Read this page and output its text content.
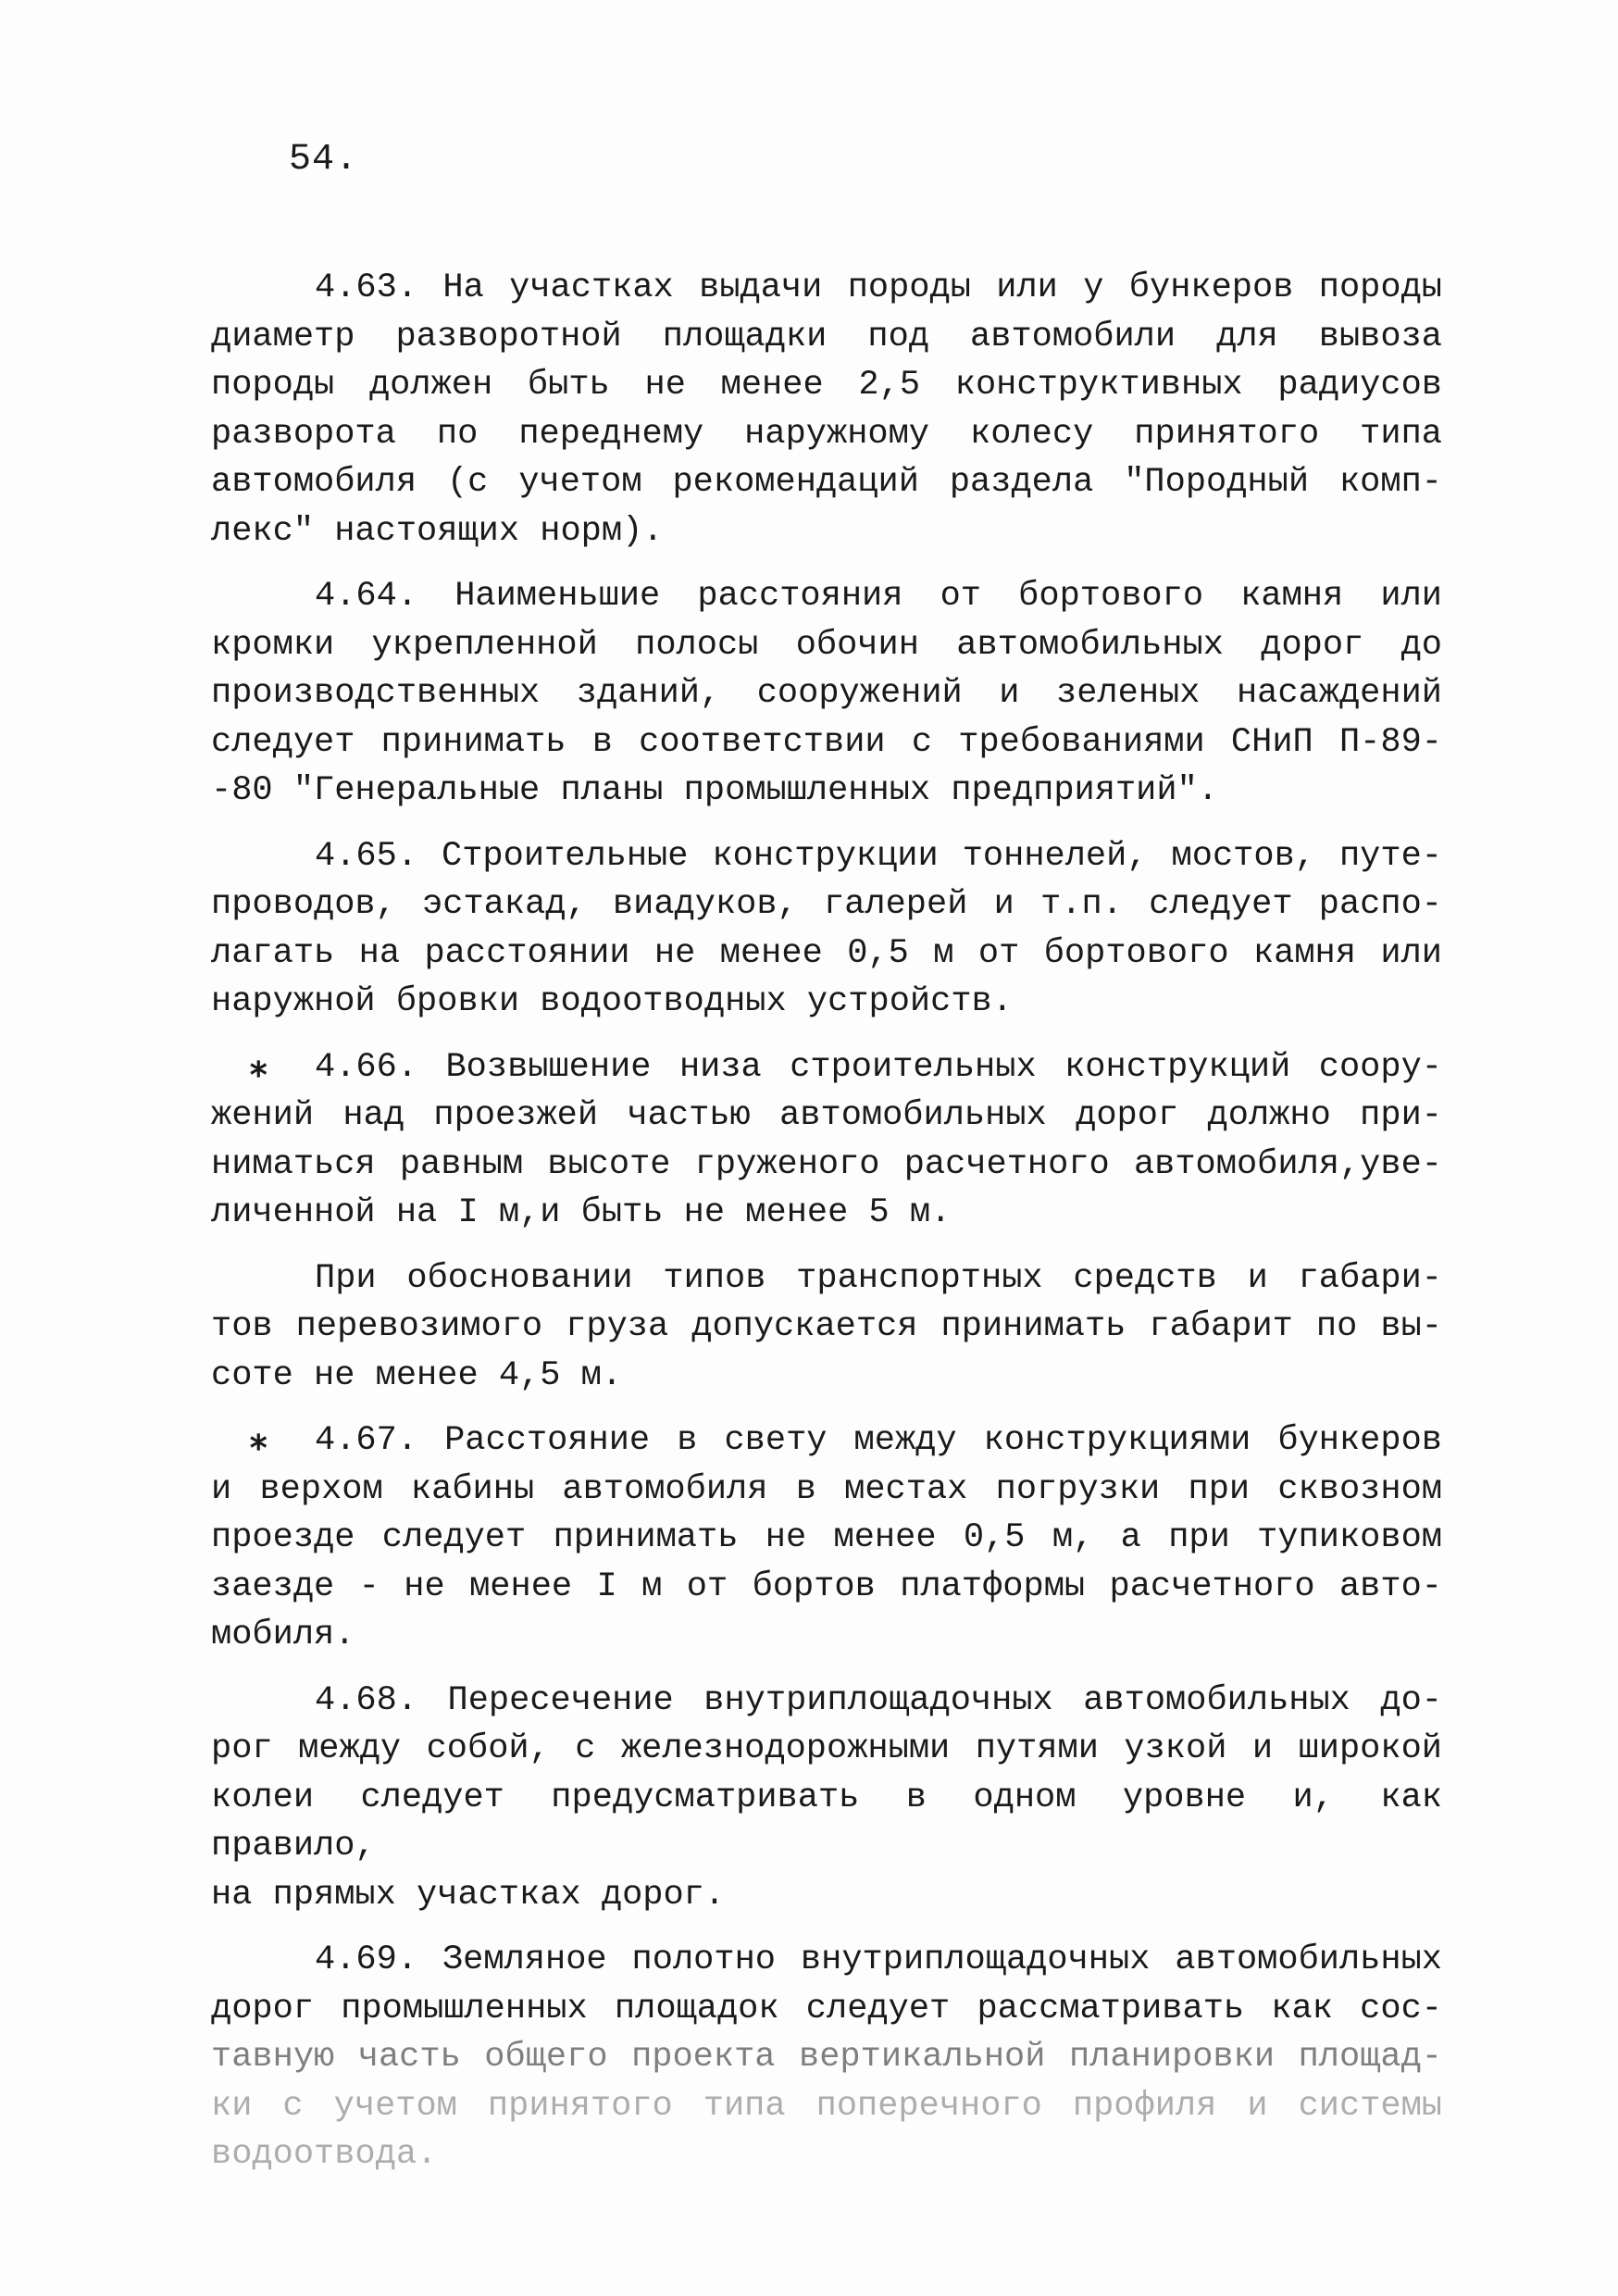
54.
4.63. На участках выдачи породы или у бункеров породы
диаметр разворотной площадки под автомобили для вывоза
породы должен быть не менее 2,5 конструктивных радиусов
разворота по переднему наружному колесу принятого типа
автомобиля (с учетом рекомендаций раздела "Породный комп-
лекс" настоящих норм).
4.64. Наименьшие расстояния от бортового камня или
кромки укрепленной полосы обочин автомобильных дорог до
производственных зданий, сооружений и зеленых насаждений
следует принимать в соответствии с требованиями СНиП П-89-
-80 "Генеральные планы промышленных предприятий".
4.65. Строительные конструкции тоннелей, мостов, путе-
проводов, эстакад, виадуков, галерей и т.п. следует распо-
лагать на расстоянии не менее 0,5 м от бортового камня или
наружной бровки водоотводных устройств.
⁎ 4.66. Возвышение низа строительных конструкций соору-
жений над проезжей частью автомобильных дорог должно при-
ниматься равным высоте груженого расчетного автомобиля,уве-
личенной на I м,и быть не менее 5 м.
При обосновании типов транспортных средств и габари-
тов перевозимого груза допускается принимать габарит по вы-
соте не менее 4,5 м.
⁎ 4.67. Расстояние в свету между конструкциями бункеров
и верхом кабины автомобиля в местах погрузки при сквозном
проезде следует принимать не менее 0,5 м, а при тупиковом
заезде - не менее I м от бортов платформы расчетного авто-
мобиля.
4.68. Пересечение внутриплощадочных автомобильных до-
рог между собой, с железнодорожными путями узкой и широкой
колеи следует предусматривать в одном уровне и, как правило,
на прямых участках дорог.
4.69. Земляное полотно внутриплощадочных автомобильных
дорог промышленных площадок следует рассматривать как сос-
тавную часть общего проекта вертикальной планировки площад-
ки с учетом принятого типа поперечного профиля и системы
водоотвода.
